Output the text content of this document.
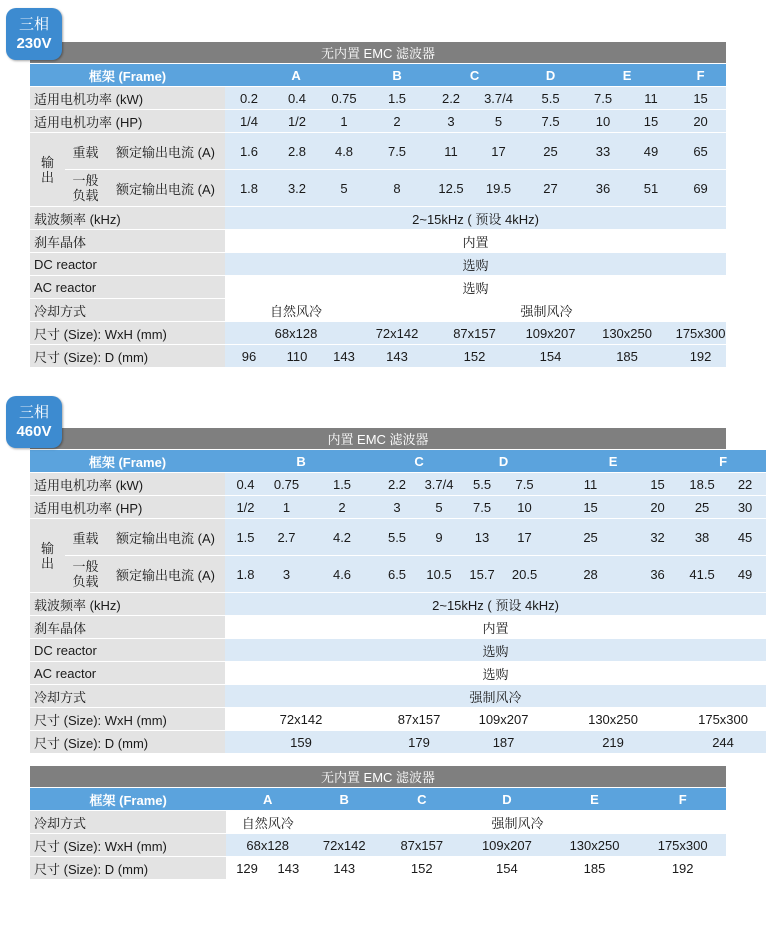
三相
230V
无内置 EMC 滤波器
框架 (Frame)			A			B	C		D	E		F
适用电机功率 (kW)			0.2	0.4	0.75	1.5	2.2	3.7/4	5.5	7.5	11	15
适用电机功率 (HP)			1/4	1/2	1	2	3	5	7.5	10	15	20
输出	重载	额定输出电流 (A)	1.6	2.8	4.8	7.5	11	17	25	33	49	65
	一般负载	额定输出电流 (A)	1.8	3.2	5	8	12.5	19.5	27	36	51	69
载波频率 (kHz)			2~15kHz ( 预设 4kHz)									
刹车晶体			内置									
DC reactor			选购									
AC reactor			选购									
冷却方式			自然风冷			强制风冷						
尺寸 (Size): WxH (mm)			68x128			72x142	87x157		109x207	130x250		175x300
尺寸 (Size): D (mm)			96	110	143	143	152		154	185		192
三相
460V	内置 EMC 滤波器
框架 (Frame)			B			C		D		E		F	
适用电机功率 (kW)			0.4	0.75	1.5	2.2	3.7/4	5.5	7.5	11	15	18.5	22
适用电机功率 (HP)			1/2	1	2	3	5	7.5	10	15	20	25	30
输出	重载	额定输出电流 (A)	1.5	2.7	4.2	5.5	9	13	17	25	32	38	45
	一般负载	额定输出电流 (A)	1.8	3	4.6	6.5	10.5	15.7	20.5	28	36	41.5	49
载波频率 (kHz)			2~15kHz ( 预设 4kHz)										
刹车晶体			内置										
DC reactor			选购										
AC reactor			选购										
冷却方式			强制风冷										
尺寸 (Size): WxH (mm)			72x142			87x157		109x207		130x250		175x300	
尺寸 (Size): D (mm)			159			179		187		219		244	
无内置 EMC 滤波器
框架 (Frame)	A		B	C	D	E	F
冷却方式	自然风冷		强制风冷				
尺寸 (Size): WxH (mm)	68x128		72x142	87x157	109x207	130x250	175x300
尺寸 (Size): D (mm)	129	143	143	152	154	185	192
